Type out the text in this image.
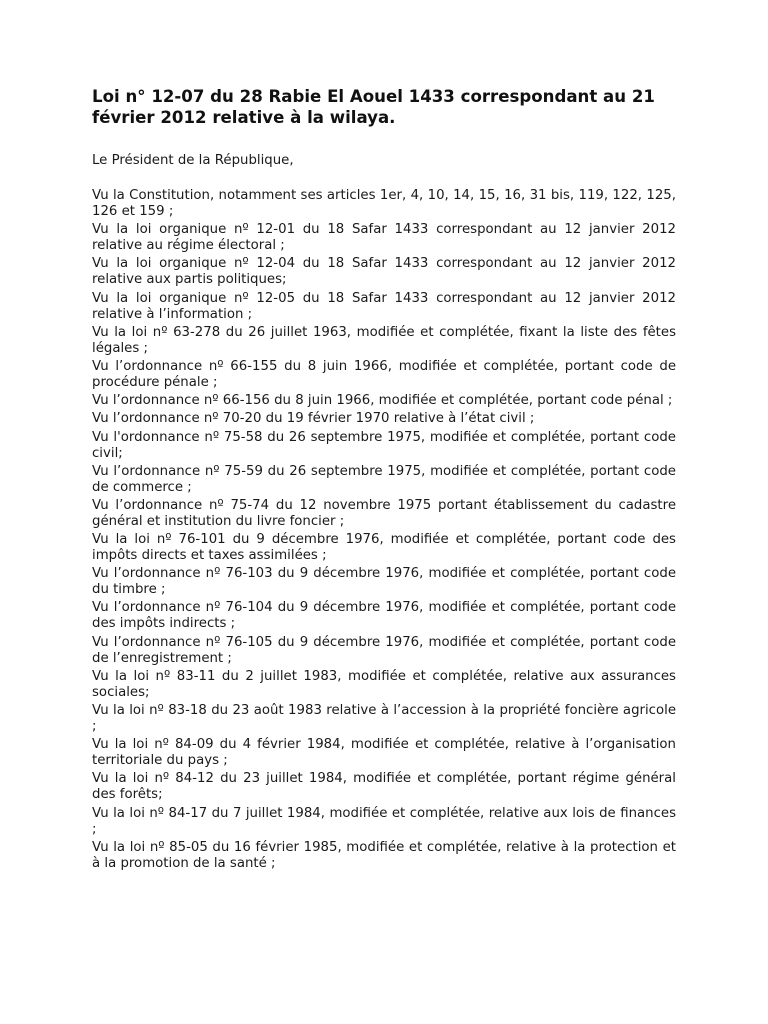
Loi n° 12-07 du 28 Rabie El Aouel 1433 correspondant au 21 février 2012 relative à la wilaya.

Le Président de la République,

Vu la Constitution, notamment ses articles 1er, 4, 10, 14, 15, 16, 31 bis, 119, 122, 125, 126 et 159 ;

Vu la loi organique nº 12-01 du 18 Safar 1433 correspondant au 12 janvier 2012 relative au régime électoral ;

Vu la loi organique nº 12-04 du 18 Safar 1433 correspondant au 12 janvier 2012 relative aux partis politiques;

Vu la loi organique nº 12-05 du 18 Safar 1433 correspondant au 12 janvier 2012 relative à l’information ;

Vu la loi nº 63-278 du 26 juillet 1963, modifiée et complétée, fixant la liste des fêtes légales ;

Vu l’ordonnance nº 66-155 du 8 juin 1966, modifiée et complétée, portant code de procédure pénale ;

Vu l’ordonnance nº 66-156 du 8 juin 1966, modifiée et complétée, portant code pénal ;

Vu l’ordonnance nº 70-20 du 19 février 1970 relative à l’état civil ;

Vu l'ordonnance nº 75-58 du 26 septembre 1975, modifiée et complétée, portant code civil;

Vu l’ordonnance nº 75-59 du 26 septembre 1975, modifiée et complétée, portant code de commerce ;

Vu l’ordonnance nº 75-74 du 12 novembre 1975 portant établissement du cadastre général et institution du livre foncier ;

Vu la loi nº 76-101 du 9 décembre 1976, modifiée et complétée, portant code des impôts directs et taxes assimilées ;

Vu l’ordonnance nº 76-103 du 9 décembre 1976, modifiée et complétée, portant code du timbre ;

Vu l’ordonnance nº 76-104 du 9 décembre 1976, modifiée et complétée, portant code des impôts indirects ;

Vu l’ordonnance nº 76-105 du 9 décembre 1976, modifiée et complétée, portant code de l’enregistrement ;

Vu la loi nº 83-11 du 2 juillet 1983, modifiée et complétée, relative aux assurances sociales;

Vu la loi nº 83-18 du 23 août 1983 relative à l’accession à la propriété foncière agricole ;

Vu la loi nº 84-09 du 4 février 1984, modifiée et complétée, relative à l’organisation territoriale du pays ;

Vu la loi nº 84-12 du 23 juillet 1984, modifiée et complétée, portant régime général des forêts;

Vu la loi nº 84-17 du 7 juillet 1984, modifiée et complétée, relative aux lois de finances ;

Vu la loi nº 85-05 du 16 février 1985, modifiée et complétée, relative à la protection et à la promotion de la santé ;
